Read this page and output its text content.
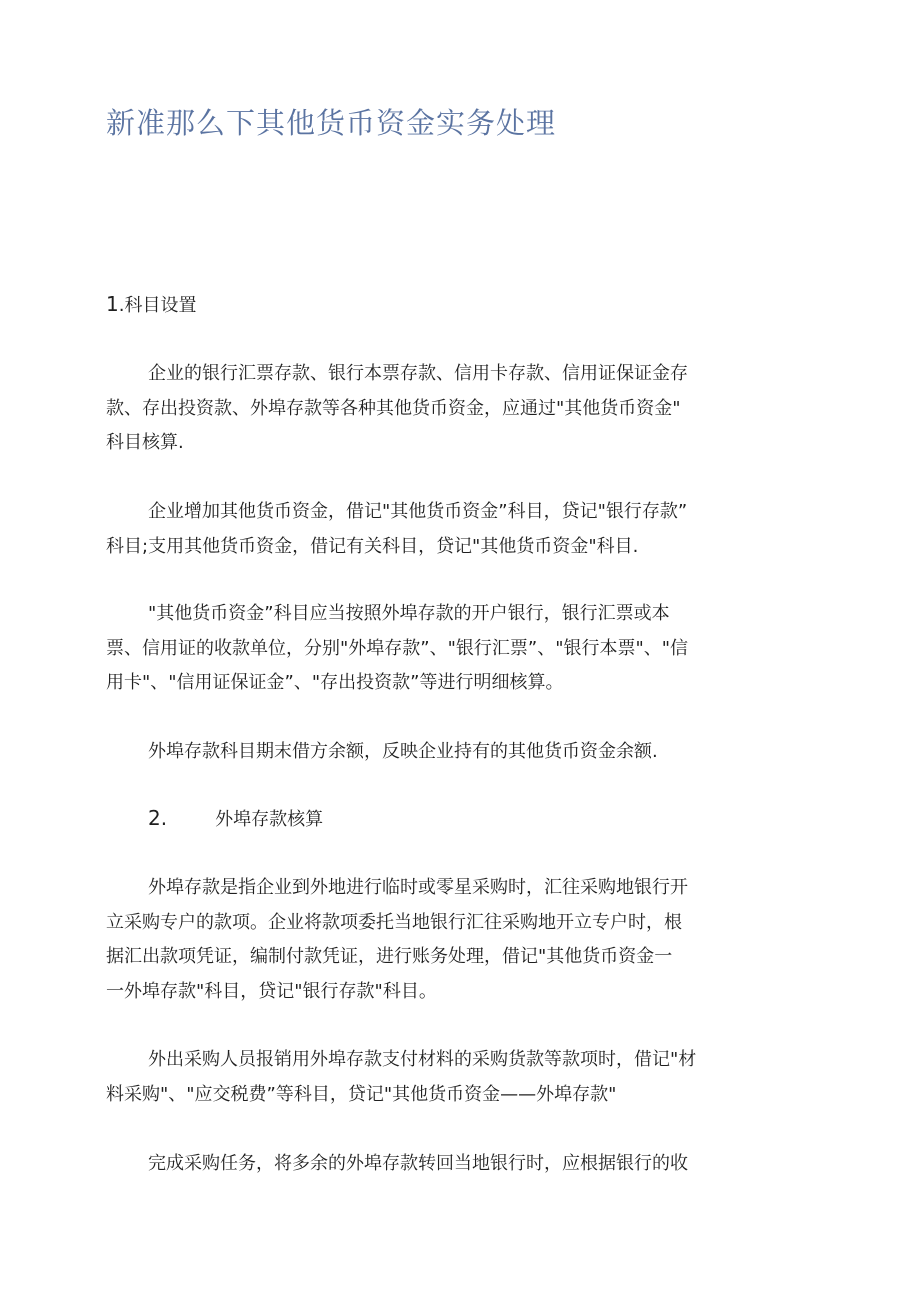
新准那么下其他货币资金实务处理
1.科目设置
企业的银行汇票存款、银行本票存款、信用卡存款、信用证保证金存
款、存出投资款、外埠存款等各种其他货币资金，应通过"其他货币资金"
科目核算.
企业增加其他货币资金，借记"其他货币资金”科目，贷记"银行存款”
科目;支用其他货币资金，借记有关科目，贷记"其他货币资金"科目.
"其他货币资金”科目应当按照外埠存款的开户银行，银行汇票或本
票、信用证的收款单位，分别"外埠存款”、"银行汇票”、"银行本票"、"信
用卡"、"信用证保证金”、"存出投资款”等进行明细核算。
外埠存款科目期末借方余额，反映企业持有的其他货币资金余额.
2.	外埠存款核算
外埠存款是指企业到外地进行临时或零星采购时，汇往采购地银行开
立采购专户的款项。企业将款项委托当地银行汇往采购地开立专户时，根
据汇出款项凭证，编制付款凭证，进行账务处理，借记"其他货币资金一
一外埠存款"科目，贷记"银行存款"科目。
外出采购人员报销用外埠存款支付材料的采购货款等款项时，借记"材
料采购"、"应交税费”等科目，贷记"其他货币资金——外埠存款"
完成采购任务，将多余的外埠存款转回当地银行时，应根据银行的收
